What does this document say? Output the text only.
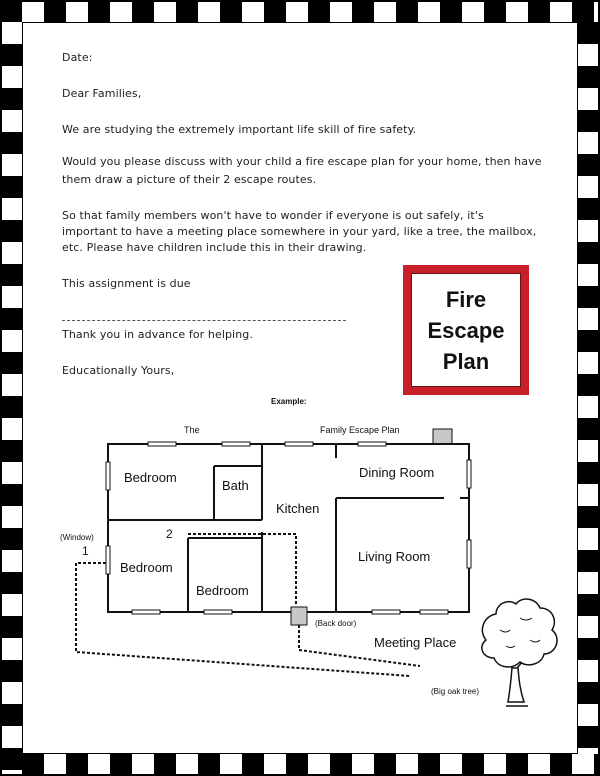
Date:

Dear Families,

We are studying the extremely important life skill of fire safety.

Would you please discuss with your child a fire escape plan for your home, then have

them draw a picture of their 2 escape routes.

So that family members won't have to wonder if everyone is out safely, it's

important to have a meeting place somewhere in your yard, like a tree, the mailbox,

etc. Please have children include this in their drawing.

This assignment is due

Thank you in advance for helping.

Educationally Yours,

Fire
Escape
Plan
Example:
The	Family Escape Plan
Bedroom
Bath
Kitchen
Dining Room
Living Room
Bedroom
Bedroom
(Window)
1
2
(Back door)
Meeting Place
(Big oak tree)
